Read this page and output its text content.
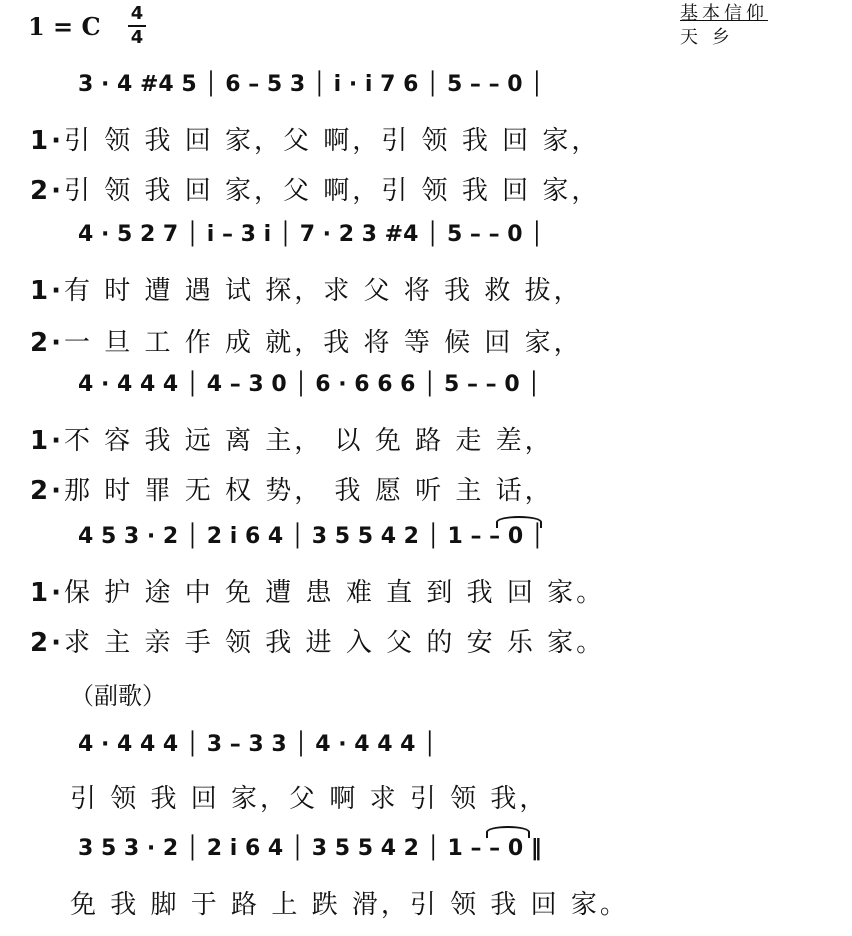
1 = C 4
4
基本信仰
天 乡
3 · 4 #4 5 │ 6 – 5 3 │ i · i 7 6 │ 5 – – 0 │
1·引 领 我 回 家，父 啊，引 领 我 回 家，
2·引 领 我 回 家，父 啊，引 领 我 回 家，
4 · 5 2 7 │ i – 3 i │ 7 · 2 3 #4 │ 5 – – 0 │
1·有 时 遭 遇 试 探，求 父 将 我 救 拔，
2·一 旦 工 作 成 就，我 将 等 候 回 家，
4 · 4 4 4 │ 4 – 3 0 │ 6 · 6 6 6 │ 5 – – 0 │
1·不 容 我 远 离 主， 以 免 路 走 差，
2·那 时 罪 无 权 势， 我 愿 听 主 话，
4 5 3 · 2 │ 2 i 6 4 │ 3 5 5 4 2 │ 1 – – 0 │
1·保 护 途 中 免 遭 患 难 直 到 我 回 家。
2·求 主 亲 手 领 我 进 入 父 的 安 乐 家。
（副歌）
4 · 4 4 4 │ 3 – 3 3 │ 4 · 4 4 4 │
引 领 我 回 家，父 啊 求 引 领 我，
3 5 3 · 2 │ 2 i 6 4 │ 3 5 5 4 2 │ 1 – – 0 ‖
免 我 脚 于 路 上 跌 滑，引 领 我 回 家。
